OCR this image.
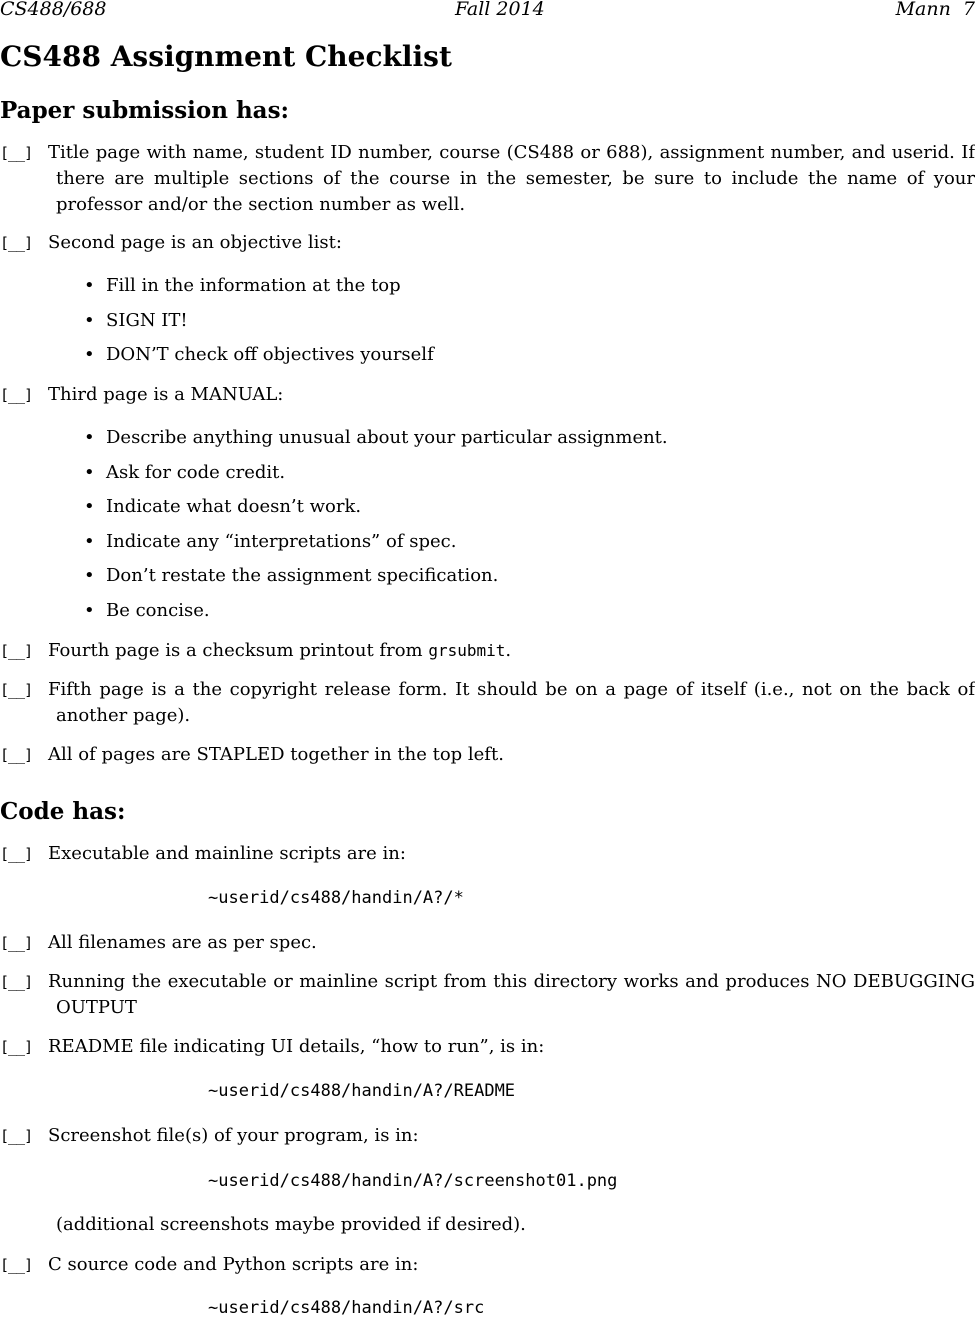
CS488/688	Fall 2014	Mann  7
CS488 Assignment Checklist
Paper submission has:
[__] Title page with name, student ID number, course (CS488 or 688), assignment number, and userid. If there are multiple sections of the course in the semester, be sure to include the name of your professor and/or the section number as well.
[__] Second page is an objective list:
• Fill in the information at the top
• SIGN IT!
• DON’T check off objectives yourself
[__] Third page is a MANUAL:
• Describe anything unusual about your particular assignment.
• Ask for code credit.
• Indicate what doesn’t work.
• Indicate any “interpretations” of spec.
• Don’t restate the assignment specification.
• Be concise.
[__] Fourth page is a checksum printout from grsubmit.
[__] Fifth page is a the copyright release form. It should be on a page of itself (i.e., not on the back of another page).
[__] All of pages are STAPLED together in the top left.
Code has:
[__] Executable and mainline scripts are in:
~userid/cs488/handin/A?/*
[__] All filenames are as per spec.
[__] Running the executable or mainline script from this directory works and produces NO DEBUGGING OUTPUT
[__] README file indicating UI details, “how to run”, is in:
~userid/cs488/handin/A?/README
[__] Screenshot file(s) of your program, is in:
~userid/cs488/handin/A?/screenshot01.png
(additional screenshots maybe provided if desired).
[__] C source code and Python scripts are in:
~userid/cs488/handin/A?/src
